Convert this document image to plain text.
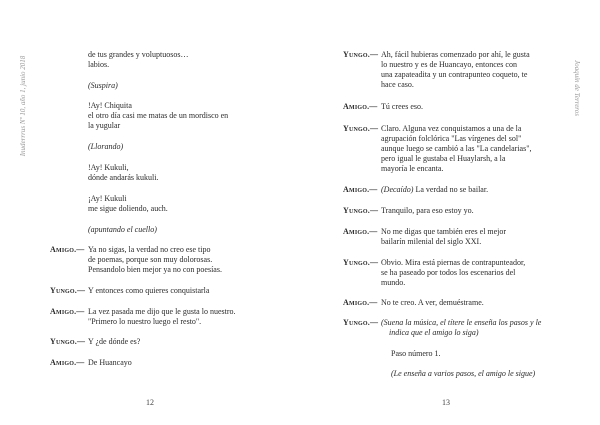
Inuderrrus Nº 10, año 1, junio 2018
de tus grandes y voluptuosos…
labios.
(Suspira)
!Ay! Chiquita
el otro día casi me matas de un mordisco en
la yugular
(Llorando)
!Ay! Kukuli,
dónde andarás kukuli.
¡Ay! Kukuli
me sigue doliendo, auch.
(apuntando el cuello)
Amigo.— Ya no sigas, la verdad no creo ese tipo
de poemas, porque son muy dolorosas.
Pensandolo bien mejor ya no con poesías.
Yungo.— Y entonces como quieres conquistarla
Amigo.— La vez pasada me dijo que le gusta lo nuestro.
"Primero lo nuestro luego el resto".
Yungo.— Y ¿de dónde es?
Amigo.— De Huancayo
12
Yungo.— Ah, fácil hubieras comenzado por ahí, le gusta
lo nuestro y es de Huancayo, entonces con
una zapateadita y un contrapunteo coqueto, te
hace caso.
Amigo.— Tú crees eso.
Yungo.— Claro. Alguna vez conquistamos a una de la
agrupación folclórica "Las vírgenes del sol"
aunque luego se cambió a las "La candelarias",
pero igual le gustaba el Huaylarsh, a la
mayoría le encanta.
Amigo.— (Decaído) La verdad no se bailar.
Yungo.— Tranquilo, para eso estoy yo.
Amigo.— No me digas que también eres el mejor
bailarín milenial del siglo XXI.
Yungo.— Obvio. Mira está piernas de contrapunteador,
se ha paseado por todos los escenarios del
mundo.
Amigo.— No te creo. A ver, demuéstrame.
Yungo.— (Suena la música, el títere le enseña los pasos y le
indica que el amigo lo siga)
Paso número 1.
(Le enseña a varios pasos, el amigo le sigue)
13
Joaquín de Terreros
